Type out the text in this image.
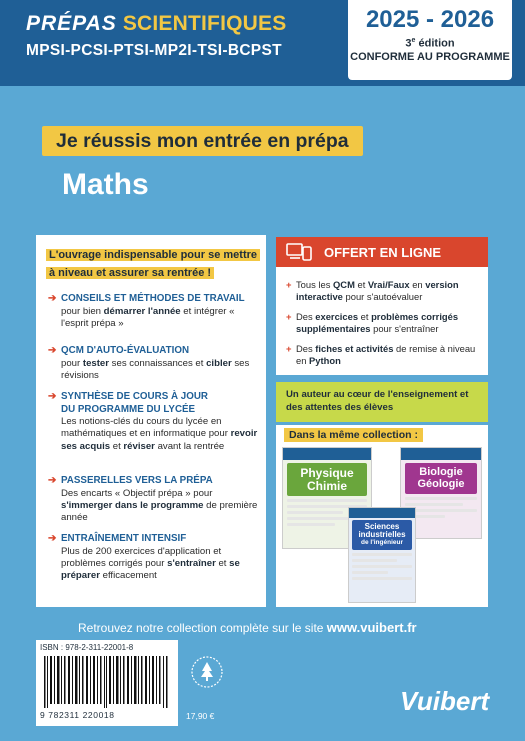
PRÉPAS SCIENTIFIQUES
MPSI-PCSI-PTSI-MP2I-TSI-BCPST
2025 - 2026
3e édition
CONFORME AU PROGRAMME
Je réussis mon entrée en prépa
Maths
L'ouvrage indispensable pour se mettre à niveau et assurer sa rentrée !
➔ CONSEILS ET MÉTHODES DE TRAVAIL
pour bien démarrer l'année et intégrer « l'esprit prépa »
➔ QCM D'AUTO-ÉVALUATION
pour tester ses connaissances et cibler ses révisions
➔ SYNTHÈSE DE COURS À JOUR
DU PROGRAMME DU LYCÉE
Les notions-clés du cours du lycée en mathématiques et en informatique pour revoir ses acquis et réviser avant la rentrée
➔ PASSERELLES VERS LA PRÉPA
Des encarts « Objectif prépa » pour s'immerger dans le programme de première année
➔ ENTRAÎNEMENT INTENSIF
Plus de 200 exercices d'application et problèmes corrigés pour s'entraîner et se préparer efficacement
OFFERT EN LIGNE
+ Tous les QCM et Vrai/Faux en version interactive pour s'autoévaluer
+ Des exercices et problèmes corrigés supplémentaires pour s'entraîner
+ Des fiches et activités de remise à niveau en Python
Un auteur au cœur de l'enseignement et des attentes des élèves
Dans la même collection :
Physique
Chimie
Biologie
Géologie
Sciences
industrielles
de l'ingénieur
Retrouvez notre collection complète sur le site www.vuibert.fr
ISBN : 978-2-311-22001-8
9 782311 220018	17,90 €	Vuibert
